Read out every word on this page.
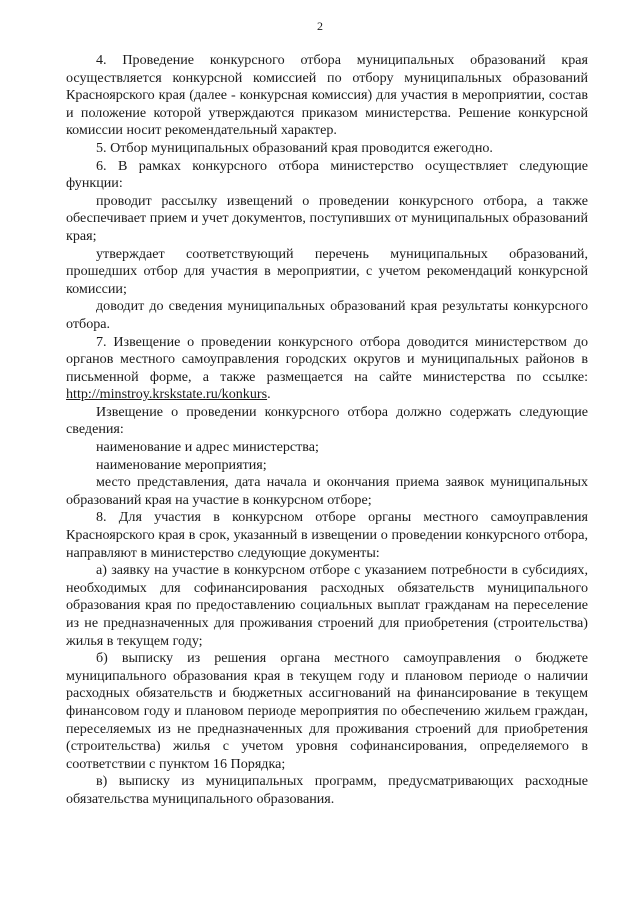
2

4. Проведение конкурсного отбора муниципальных образований края осуществляется конкурсной комиссией по отбору муниципальных образований Красноярского края (далее - конкурсная комиссия) для участия в мероприятии, состав и положение которой утверждаются приказом министерства. Решение конкурсной комиссии носит рекомендательный характер.

5. Отбор муниципальных образований края проводится ежегодно.

6. В рамках конкурсного отбора министерство осуществляет следующие функции:

проводит рассылку извещений о проведении конкурсного отбора, а также обеспечивает прием и учет документов, поступивших от муниципальных образований края;

утверждает соответствующий перечень муниципальных образований, прошедших отбор для участия в мероприятии, с учетом рекомендаций конкурсной комиссии;

доводит до сведения муниципальных образований края результаты конкурсного отбора.

7. Извещение о проведении конкурсного отбора доводится министерством до органов местного самоуправления городских округов и муниципальных районов в письменной форме, а также размещается на сайте министерства по ссылке: http://minstroy.krskstate.ru/konkurs.

Извещение о проведении конкурсного отбора должно содержать следующие сведения:

наименование и адрес министерства;

наименование мероприятия;

место представления, дата начала и окончания приема заявок муниципальных образований края на участие в конкурсном отборе;

8. Для участия в конкурсном отборе органы местного самоуправления Красноярского края в срок, указанный в извещении о проведении конкурсного отбора, направляют в министерство следующие документы:

а) заявку на участие в конкурсном отборе с указанием потребности в субсидиях, необходимых для софинансирования расходных обязательств муниципального образования края по предоставлению социальных выплат гражданам на переселение из не предназначенных для проживания строений для приобретения (строительства) жилья в текущем году;

б) выписку из решения органа местного самоуправления о бюджете муниципального образования края в текущем году и плановом периоде о наличии расходных обязательств и бюджетных ассигнований на финансирование в текущем финансовом году и плановом периоде мероприятия по обеспечению жильем граждан, переселяемых из не предназначенных для проживания строений для приобретения (строительства) жилья с учетом уровня софинансирования, определяемого в соответствии с пунктом 16 Порядка;

в) выписку из муниципальных программ, предусматривающих расходные обязательства муниципального образования.
